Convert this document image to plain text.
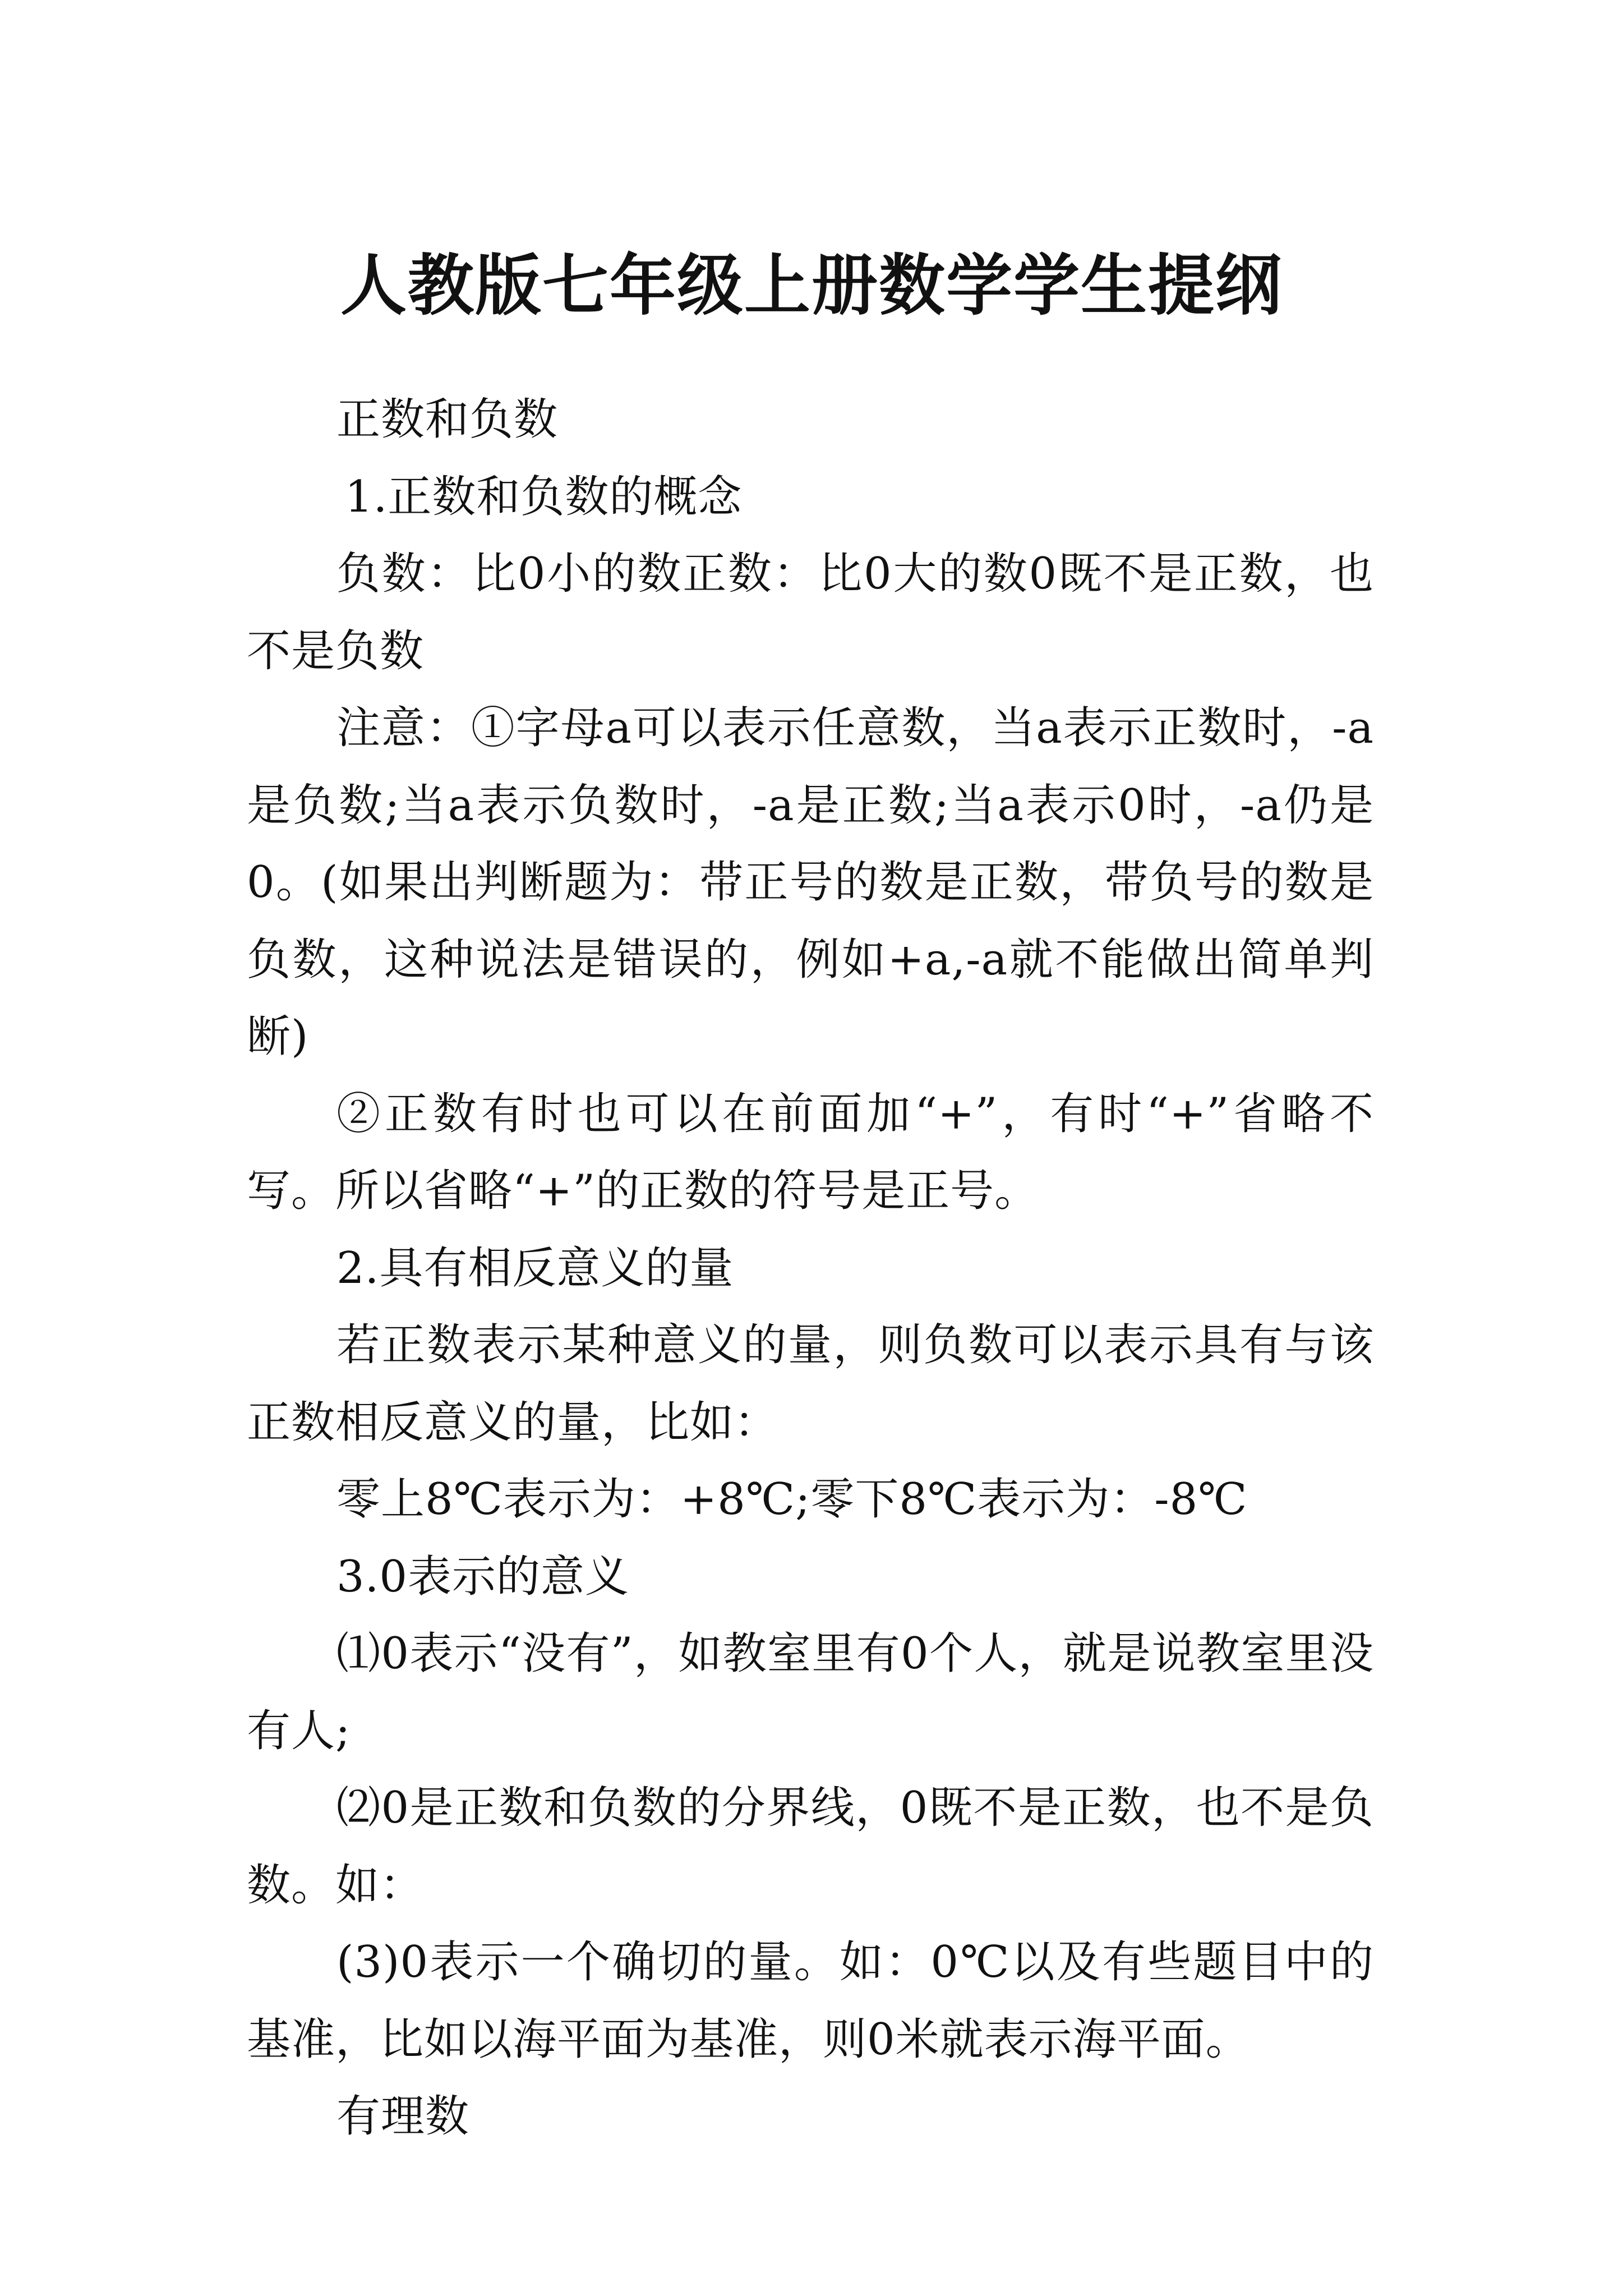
人教版七年级上册数学学生提纲

正数和负数

1.正数和负数的概念

负数：比0小的数正数：比0大的数0既不是正数，也不是负数

注意：①字母a可以表示任意数，当a表示正数时，-a是负数;当a表示负数时，-a是正数;当a表示0时，-a仍是0。(如果出判断题为：带正号的数是正数，带负号的数是负数，这种说法是错误的，例如+a,-a就不能做出简单判断)

②正数有时也可以在前面加“+”，有时“+”省略不写。所以省略“+”的正数的符号是正号。

2.具有相反意义的量

若正数表示某种意义的量，则负数可以表示具有与该正数相反意义的量，比如：

零上8℃表示为：+8℃;零下8℃表示为：-8℃

3.0表示的意义

⑴0表示“没有”，如教室里有0个人，就是说教室里没有人;

⑵0是正数和负数的分界线，0既不是正数，也不是负数。如：

(3)0表示一个确切的量。如：0℃以及有些题目中的基准，比如以海平面为基准，则0米就表示海平面。

有理数
